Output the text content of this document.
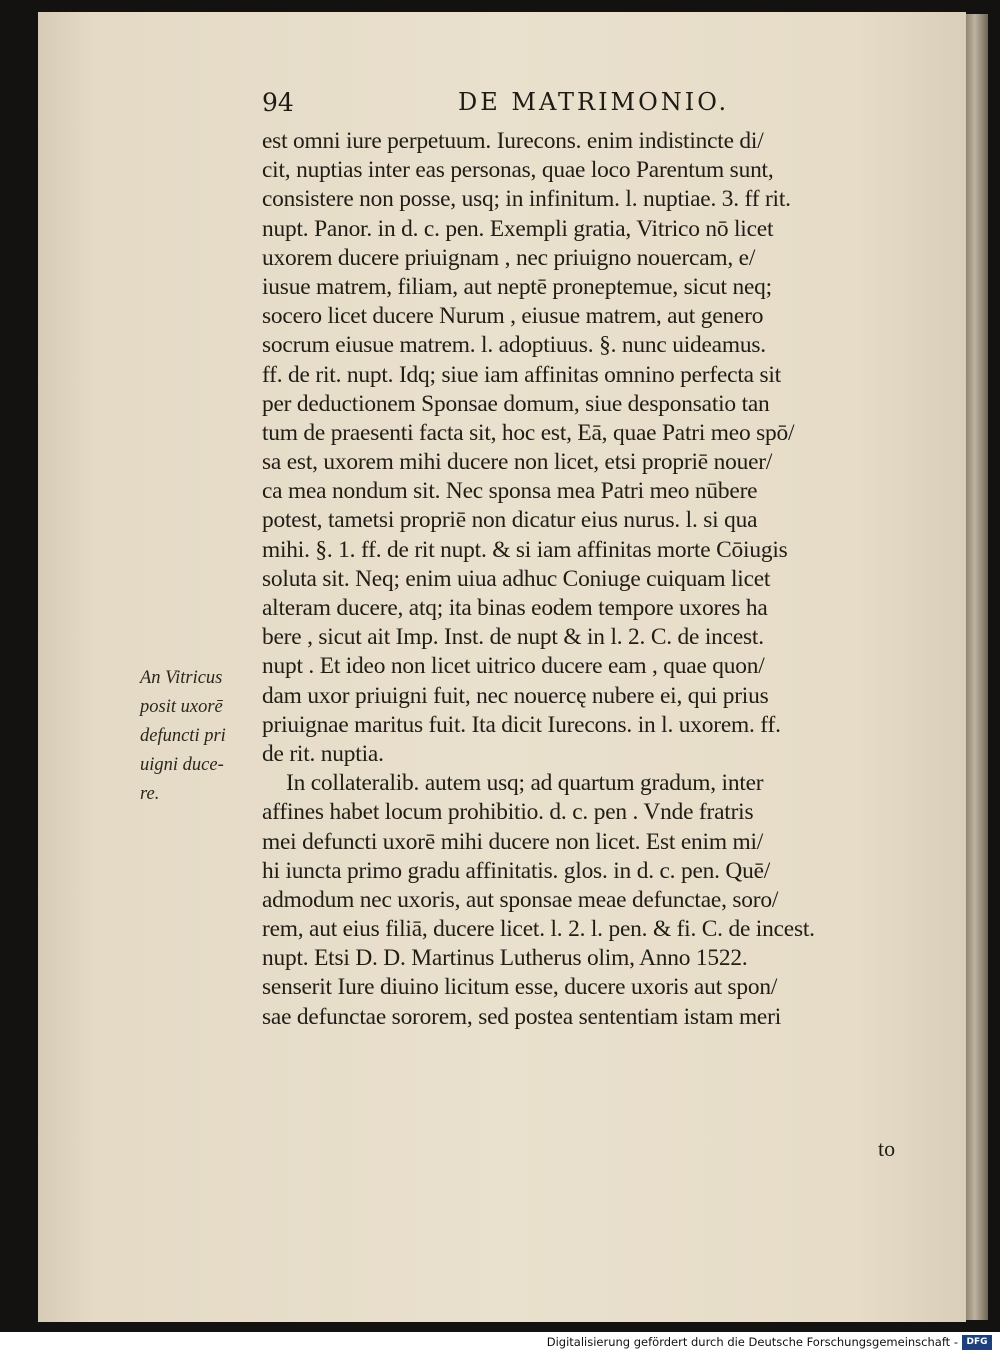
94	DE MATRIMONIO.
est omni iure perpetuum. Iurecons. enim indistincte di/
cit, nuptias inter eas personas, quae loco Parentum sunt,
consistere non posse, usq; in infinitum. l. nuptiae. 3. ff rit.
nupt. Panor. in d. c. pen. Exempli gratia, Vitrico nō licet
uxorem ducere priuignam , nec priuigno nouercam, e/
iusue matrem, filiam, aut neptē proneptemue, sicut neq;
socero licet ducere Nurum , eiusue matrem, aut genero
socrum eiusue matrem. l. adoptiuus. §. nunc uideamus.
ff. de rit. nupt. Idq; siue iam affinitas omnino perfecta sit
per deductionem Sponsae domum, siue desponsatio tan
tum de praesenti facta sit, hoc est, Eā, quae Patri meo spō/
sa est, uxorem mihi ducere non licet, etsi propriē nouer/
ca mea nondum sit. Nec sponsa mea Patri meo nūbere
potest, tametsi propriē non dicatur eius nurus. l. si qua
mihi. §. 1. ff. de rit nupt. & si iam affinitas morte Cōiugis
soluta sit. Neq; enim uiua adhuc Coniuge cuiquam licet
alteram ducere, atq; ita binas eodem tempore uxores ha
bere , sicut ait Imp. Inst. de nupt & in l. 2. C. de incest.
nupt . Et ideo non licet uitrico ducere eam , quae quon/
dam uxor priuigni fuit, nec nouercę nubere ei, qui prius
priuignae maritus fuit. Ita dicit Iurecons. in l. uxorem. ff.
de rit. nuptia.
In collateralib. autem usq; ad quartum gradum, inter
affines habet locum prohibitio. d. c. pen . Vnde fratris
mei defuncti uxorē mihi ducere non licet. Est enim mi/
hi iuncta primo gradu affinitatis. glos. in d. c. pen. Quē/
admodum nec uxoris, aut sponsae meae defunctae, soro/
rem, aut eius filiā, ducere licet. l. 2. l. pen. & fi. C. de incest.
nupt. Etsi D. D. Martinus Lutherus olim, Anno 1522.
senserit Iure diuino licitum esse, ducere uxoris aut spon/
sae defunctae sororem, sed postea sententiam istam meri
An Vitricus
posit uxorē
defuncti pri
uigni duce-
re.
to
Digitalisierung gefördert durch die Deutsche Forschungsgemeinschaft - DFG
